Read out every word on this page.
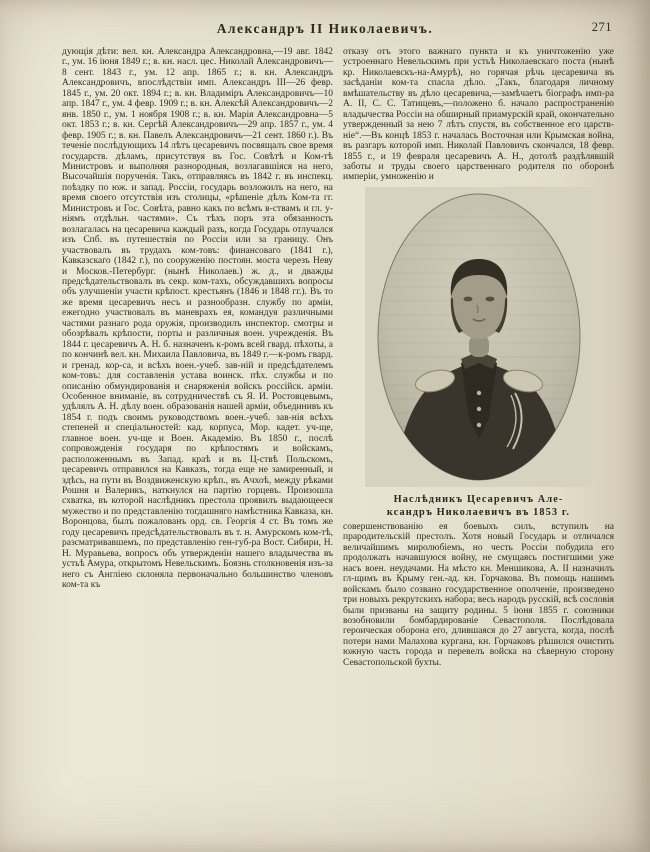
Александръ II Николаевичъ.	271
дующія дѣти: вел. кн. Александра Александровна,—19 авг. 1842 г., ум. 16 іюня 1849 г.; в. кн. насл. цес. Николай Александровичъ—8 сент. 1843 г., ум. 12 апр. 1865 г.; в. кн. Александръ Александровичъ, впослѣдствіи имп. Александръ III—26 февр. 1845 г., ум. 20 окт. 1894 г.; в. кн. Владиміръ Александровичъ—10 апр. 1847 г., ум. 4 февр. 1909 г.; в. кн. Алексѣй Александровичъ—2 янв. 1850 г., ум. 1 ноября 1908 г.; в. кн. Марія Александровна—5 окт. 1853 г.; в. кн. Сергѣй Александровичъ—29 апр. 1857 г., ум. 4 февр. 1905 г.; в. кн. Павелъ Александровичъ—21 сент. 1860 г.). Въ теченіе послѣдующихъ 14 лѣтъ цесаревичъ посвящалъ свое время государств. дѣламъ, присутствуя въ Гос. Совѣтѣ и Ком-тѣ Министровъ и выполняя разнородныя, возлагавшіяся на него, Высочайшія порученія. Такъ, отправляясь въ 1842 г. въ инспекц. поѣздку по юж. и запад. Россіи, государь возложилъ на него, на время своего отсутствія изъ столицы, «рѣшеніе дѣлъ Ком-та гг. Министровъ и Гос. Совѣта, равно какъ по всѣмъ в-ствамъ и гл. у-ніямъ отдѣльн. частями». Съ тѣхъ поръ эта обязанность возлагалась на цесаревича каждый разъ, когда Государь отлучался изъ Спб. въ путешествія по Россіи или за границу. Онъ участвовалъ въ трудахъ ком-товъ: финансоваго (1841 г.), Кавказскаго (1842 г.), по сооруженію постоян. моста черезъ Неву и Москов.-Петербург. (нынѣ Николаев.) ж. д., и дважды предсѣдательствовалъ въ секр. ком-тахъ, обсуждавшихъ вопросы объ улучшеніи участи крѣпост. крестьянъ (1846 и 1848 гг.). Въ то же время цесаревичъ несъ и разнообразн. службу по арміи, ежегодно участвовалъ въ маневрахъ ея, командуя различными частями разнаго рода оружія, производилъ инспектор. смотры и обозрѣвалъ крѣпости, порты и различныя воен. учрежденія. Въ 1844 г. цесаревичъ А. Н. б. назначенъ к-ромъ всей гвард. пѣхоты, а по кончинѣ вел. кн. Михаила Павловича, въ 1849 г.—к-ромъ гвард. и гренад. кор-са, и всѣхъ воен.-учеб. зав-ній и предсѣдателемъ ком-товъ: для составленія устава воинск. пѣх. службы и по описанію обмундированія и снаряженія войскъ россійск. арміи. Особенное вниманіе, въ сотрудничествѣ съ Я. И. Ростовцевымъ, удѣлялъ А. Н. дѣлу воен. образованія нашей арміи, объединивъ къ 1854 г. подъ своимъ руководствомъ воен.-учеб. зав-нія всѣхъ степеней и спеціальностей: кад. корпуса, Мор. кадет. уч-ще, главное воен. уч-ще и Воен. Академію. Въ 1850 г., послѣ сопровожденія государя по крѣпостямъ и войскамъ, расположеннымъ въ Запад. краѣ и въ Ц-ствѣ Польскомъ, цесаревичъ отправился на Кавказъ, тогда еще не замиренный, и здѣсь, на пути въ Воздвиженскую крѣп., въ Ачхоѣ, между рѣками Рошня и Валерикъ, наткнулся на партію горцевъ. Произошла схватка, въ которой наслѣдникъ престола проявилъ выдающееся мужество и по представленію тогдашняго намѣстника Кавказа, кн. Воронцова, былъ пожалованъ орд. св. Георгія 4 ст. Въ томъ же году цесаревичъ предсѣдательствовалъ въ т. н. Амурскомъ ком-тѣ, разсматривавшемъ, по представленію ген-губ-ра Вост. Сибири, Н. Н. Муравьева, вопросъ объ утвержденіи нашего владычества въ устьѣ Амура, открытомъ Невельскимъ. Боязнь столкновенія изъ-за него съ Англіею склоняла первоначально большинство членовъ ком-та къ
отказу отъ этого важнаго пункта и къ уничтоженію уже устроеннаго Невельскимъ при устьѣ Николаевскаго поста (нынѣ кр. Николаевскъ-на-Амурѣ), но горячая рѣчь цесаревича въ засѣданіи ком-та спасла дѣло. „Такъ, благодаря личному вмѣшательству въ дѣло цесаревича,—замѣчаетъ біографъ имп-ра А. II, С. С. Татищевъ,—положено б. начало распространенію владычества Россіи на обширный приамурскій край, окончательно утвержденный за нею 7 лѣтъ спустя, въ собственное его царств-ніе“.—Въ концѣ 1853 г. началась Восточная или Крымская война, въ разгаръ которой имп. Николай Павловичъ скончался, 18 февр. 1855 г., и 19 февраля цесаревичъ А. Н., дотолѣ раздѣлявшій заботы и труды своего царственнаго родителя по оборонѣ имперіи, умноженію и
Наслѣдникъ Цесаревичъ Але-
ксандръ Николаевичъ въ 1853 г.
совершенствованію ея боевыхъ силъ, вступилъ на прародительскій престолъ. Хотя новый Государь и отличался величайшимъ миролюбіемъ, но честь Россіи побудила его продолжать начавшуюся войну, не смущаясь постигшими уже насъ воен. неудачами. На мѣсто кн. Меншикова, А. II назначилъ гл-щимъ въ Крыму ген.-ад. кн. Горчакова. Въ помощь нашимъ войскамъ было созвано государственное ополченіе, произведено три новыхъ рекрутскихъ набора; весь народъ русскій, всѣ сословія были призваны на защиту родины. 5 іюня 1855 г. союзники возобновили бомбардированіе Севастополя. Послѣдовала героическая оборона его, длившаяся до 27 августа, когда, послѣ потери нами Малахова кургана, кн. Горчаковъ рѣшился очистить южную часть города и перевелъ войска на сѣверную сторону Севастопольской бухты.
